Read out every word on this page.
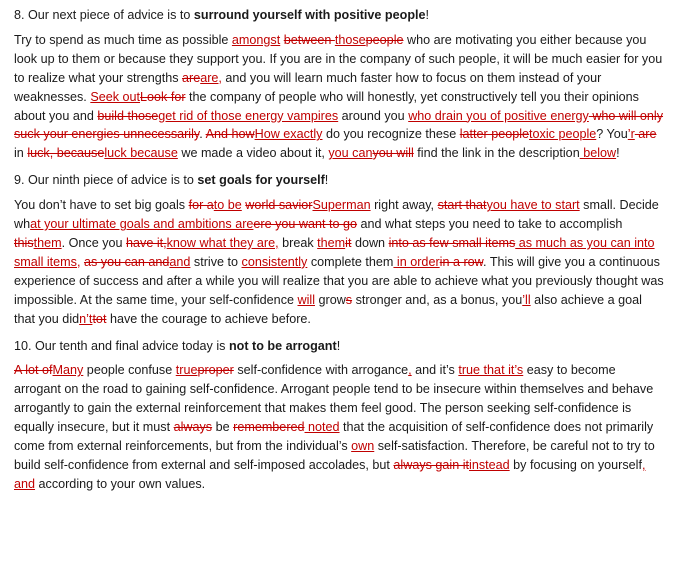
8. Our next piece of advice is to surround yourself with positive people!

Try to spend as much time as possible amongst between thosepeople who are motivating you either because you look up to them or because they support you. If you are in the company of such people, it will be much easier for you to realize what your strengths areare, and you will learn much faster how to focus on them instead of your weaknesses. Seek outLook for the company of people who will honestly, yet constructively tell you their opinions about you and build thoseget rid of those energy vampires around you who drain you of positive energy who will only suck your energies unnecessarily. And howHow exactly do you recognize these latter peopletoxic people? You’r are in luck, becauseluck because we made a video about it, you canyou will find the link in the description below!

9. Our ninth piece of advice is to set goals for yourself!

You don’t have to set big goals for ato be world saviorSuperman right away, start thatyou have to start small. Decide what your ultimate goals and ambitions areere you want to go and what steps you need to take to accomplish thisthem. Once you have it,know what they are, break themit down into as few small items as much as you can into small items, as you can andand strive to consistently complete them in orderin a row. This will give you a continuous experience of success and after a while you will realize that you are able to achieve what you previously thought was impossible. At the same time, your self-confidence will grows stronger and, as a bonus, you’ll also achieve a goal that you didn’ttot have the courage to achieve before.

10. Our tenth and final advice today is not to be arrogant!

A lot ofMany people confuse trueproper self-confidence with arrogance, and it’s true that it’s easy to become arrogant on the road to gaining self-confidence. Arrogant people tend to be insecure within themselves and behave arrogantly to gain the external reinforcement that makes them feel good. The person seeking self-confidence is equally insecure, but it must always be remembered noted that the acquisition of self-confidence does not primarily come from external reinforcements, but from the individual’s own self-satisfaction. Therefore, be careful not to try to build self-confidence from external and self-imposed accolades, but always gain itinstead by focusing on yourself, and according to your own values.
